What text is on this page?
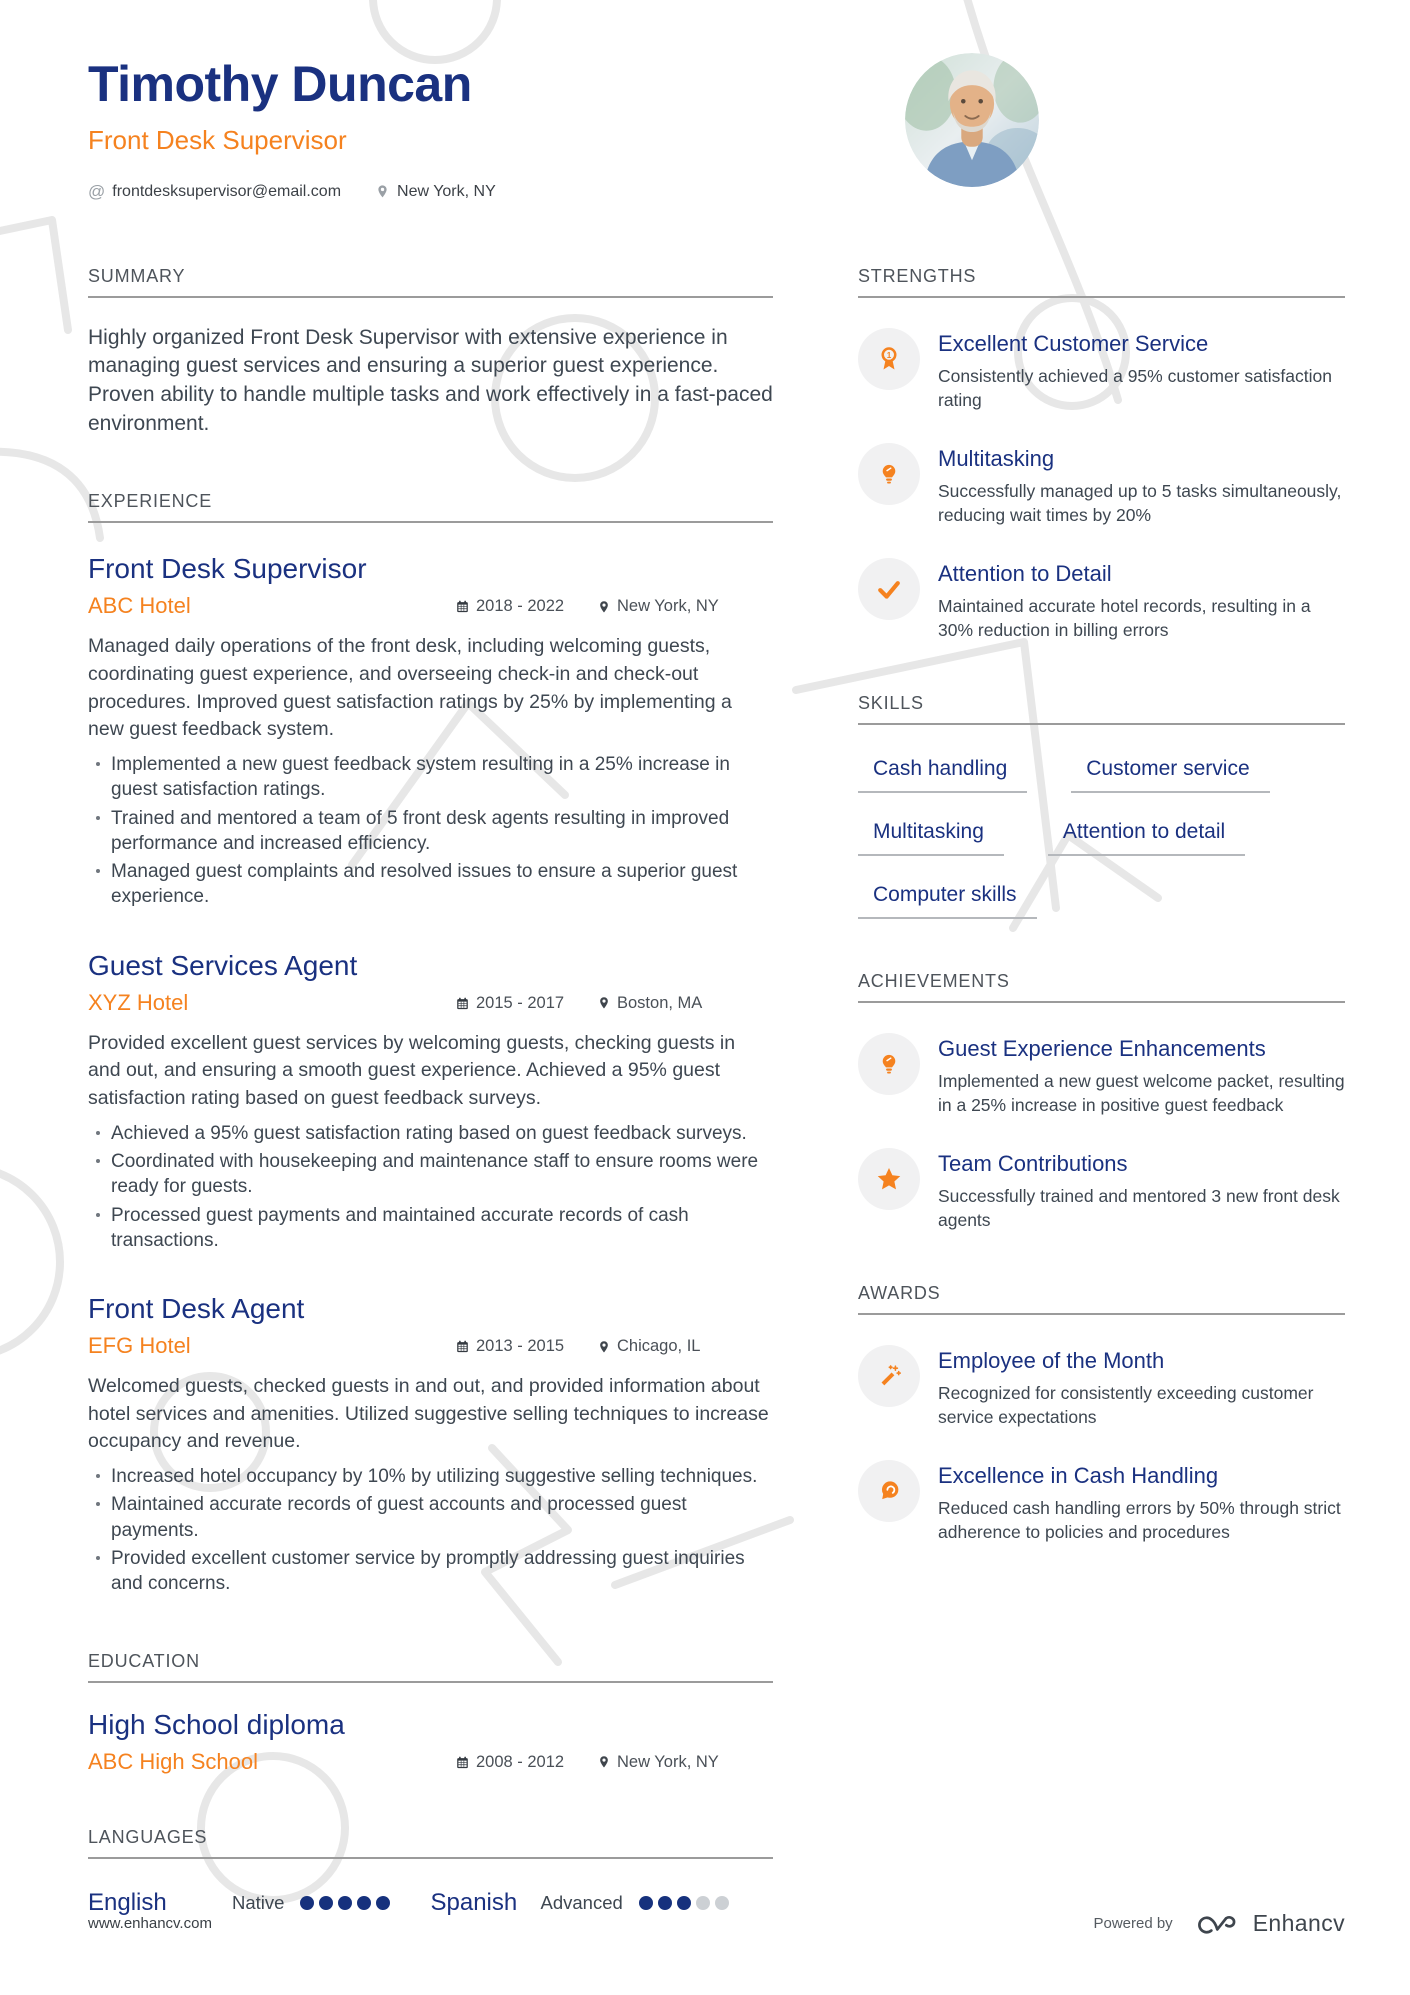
Timothy Duncan
Front Desk Supervisor
@ frontdesksupervisor@email.com	New York, NY
SUMMARY

Highly organized Front Desk Supervisor with extensive experience in managing guest services and ensuring a superior guest experience. Proven ability to handle multiple tasks and work effectively in a fast-paced environment.

EXPERIENCE
Front Desk Supervisor
ABC Hotel	2018 - 2022	New York, NY

Managed daily operations of the front desk, including welcoming guests, coordinating guest experience, and overseeing check-in and check-out procedures. Improved guest satisfaction ratings by 25% by implementing a new guest feedback system.

Implemented a new guest feedback system resulting in a 25% increase in guest satisfaction ratings.
Trained and mentored a team of 5 front desk agents resulting in improved performance and increased efficiency.
Managed guest complaints and resolved issues to ensure a superior guest experience.
Guest Services Agent
XYZ Hotel	2015 - 2017	Boston, MA

Provided excellent guest services by welcoming guests, checking guests in and out, and ensuring a smooth guest experience. Achieved a 95% guest satisfaction rating based on guest feedback surveys.

Achieved a 95% guest satisfaction rating based on guest feedback surveys.
Coordinated with housekeeping and maintenance staff to ensure rooms were ready for guests.
Processed guest payments and maintained accurate records of cash transactions.
Front Desk Agent
EFG Hotel	2013 - 2015	Chicago, IL

Welcomed guests, checked guests in and out, and provided information about hotel services and amenities. Utilized suggestive selling techniques to increase occupancy and revenue.

Increased hotel occupancy by 10% by utilizing suggestive selling techniques.
Maintained accurate records of guest accounts and processed guest payments.
Provided excellent customer service by promptly addressing guest inquiries and concerns.
EDUCATION
High School diploma
ABC High School	2008 - 2012	New York, NY
LANGUAGES
English	Native	Spanish	Advanced
STRENGTHS
1 Excellent Customer Service

Consistently achieved a 95% customer satisfaction rating

Multitasking

Successfully managed up to 5 tasks simultaneously, reducing wait times by 20%

Attention to Detail

Maintained accurate hotel records, resulting in a 30% reduction in billing errors

SKILLS
Cash handling	Customer service
Multitasking	Attention to detail
Computer skills
ACHIEVEMENTS
Guest Experience Enhancements

Implemented a new guest welcome packet, resulting in a 25% increase in positive guest feedback

Team Contributions

Successfully trained and mentored 3 new front desk agents

AWARDS
Employee of the Month

Recognized for consistently exceeding customer service expectations

Excellence in Cash Handling

Reduced cash handling errors by 50% through strict adherence to policies and procedures

www.enhancv.com	Powered by	Enhancv
